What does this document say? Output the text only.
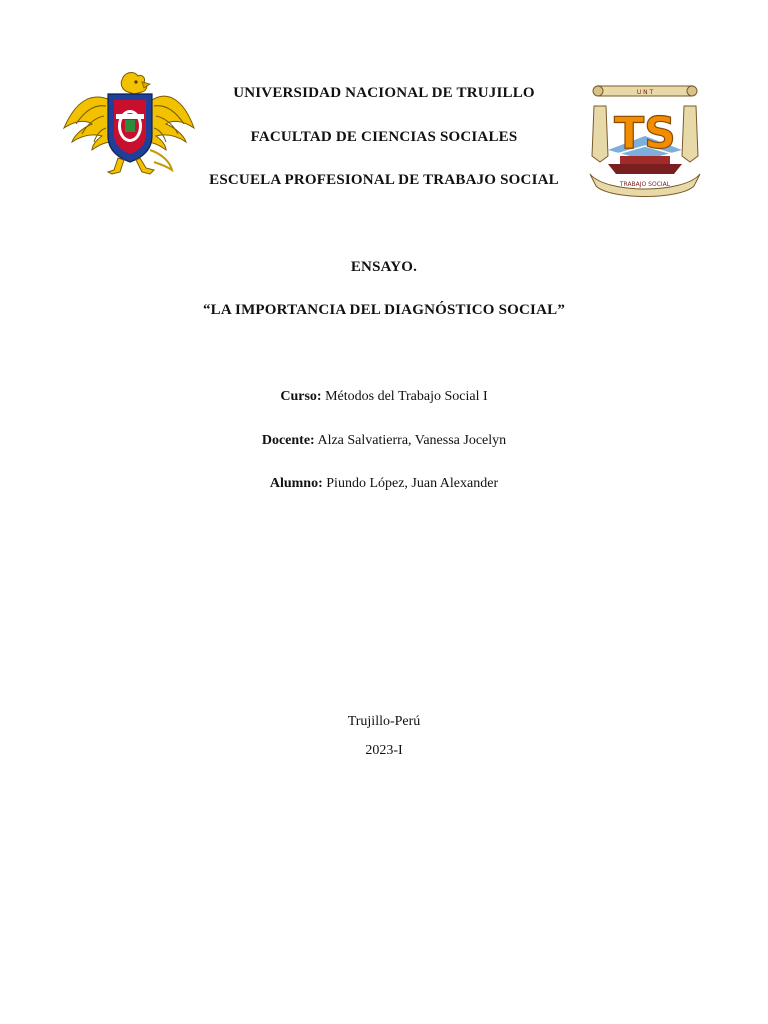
U N T
TS
TRABAJO SOCIAL
UNIVERSIDAD NACIONAL DE TRUJILLO
FACULTAD DE CIENCIAS SOCIALES
ESCUELA PROFESIONAL DE TRABAJO SOCIAL
ENSAYO.
“LA IMPORTANCIA DEL DIAGNÓSTICO SOCIAL”
Curso: Métodos del Trabajo Social I
Docente: Alza Salvatierra, Vanessa Jocelyn
Alumno: Piundo López, Juan Alexander
Trujillo-Perú
2023-I
